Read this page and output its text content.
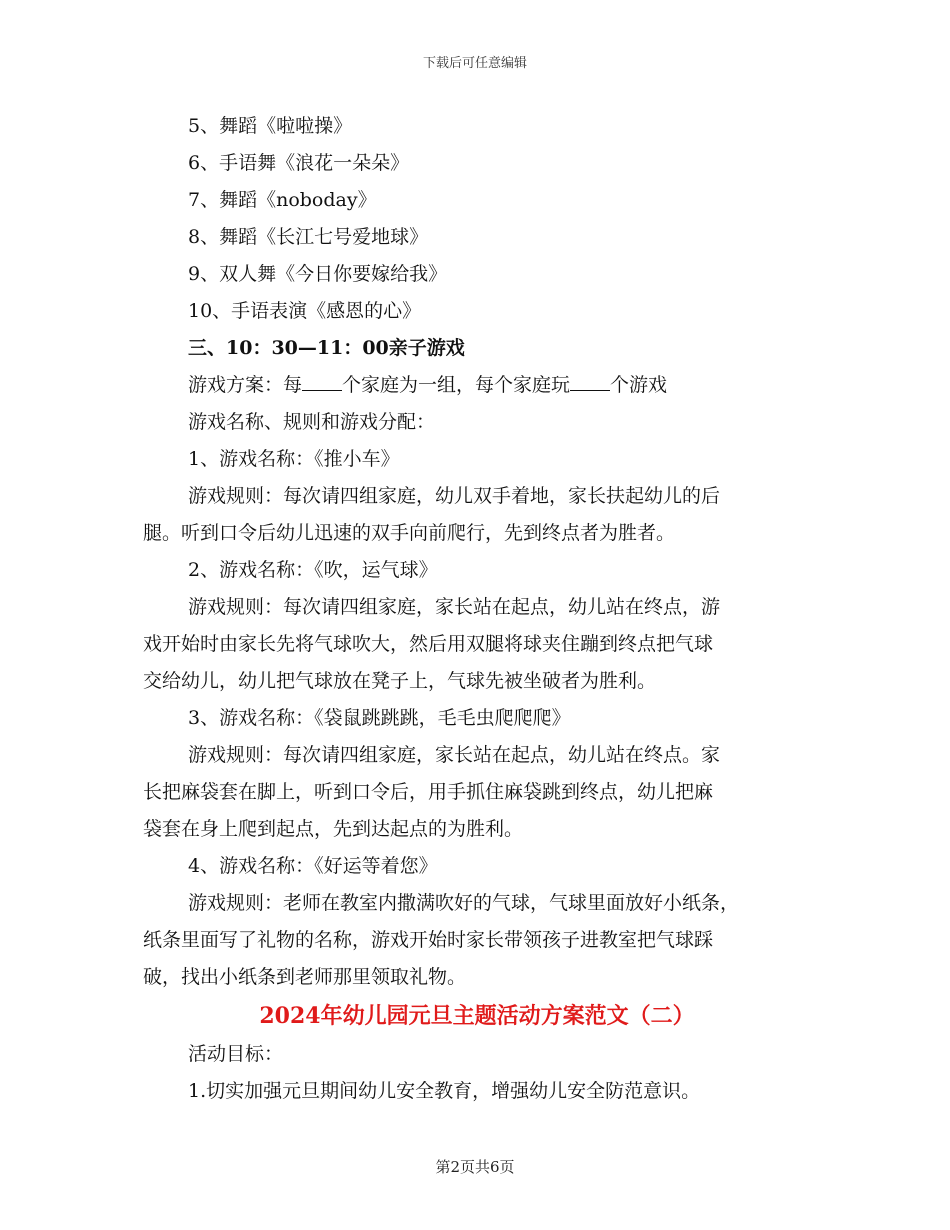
下载后可任意编辑
5、舞蹈《啦啦操》
6、手语舞《浪花一朵朵》
7、舞蹈《noboday》
8、舞蹈《长江七号爱地球》
9、双人舞《今日你要嫁给我》
10、手语表演《感恩的心》
三、10：30—11：00亲子游戏
游戏方案：每 个家庭为一组，每个家庭玩 个游戏
游戏名称、规则和游戏分配：
1、游戏名称：《推小车》
游戏规则：每次请四组家庭，幼儿双手着地，家长扶起幼儿的后
腿。听到口令后幼儿迅速的双手向前爬行，先到终点者为胜者。
2、游戏名称：《吹，运气球》
游戏规则：每次请四组家庭，家长站在起点，幼儿站在终点，游
戏开始时由家长先将气球吹大，然后用双腿将球夹住蹦到终点把气球
交给幼儿，幼儿把气球放在凳子上，气球先被坐破者为胜利。
3、游戏名称：《袋鼠跳跳跳，毛毛虫爬爬爬》
游戏规则：每次请四组家庭，家长站在起点，幼儿站在终点。家
长把麻袋套在脚上，听到口令后，用手抓住麻袋跳到终点，幼儿把麻
袋套在身上爬到起点，先到达起点的为胜利。
4、游戏名称：《好运等着您》
游戏规则：老师在教室内撒满吹好的气球，气球里面放好小纸条，
纸条里面写了礼物的名称，游戏开始时家长带领孩子进教室把气球踩
破，找出小纸条到老师那里领取礼物。
2024年幼儿园元旦主题活动方案范文（二）
活动目标：
1.切实加强元旦期间幼儿安全教育，增强幼儿安全防范意识。
第2页共6页
